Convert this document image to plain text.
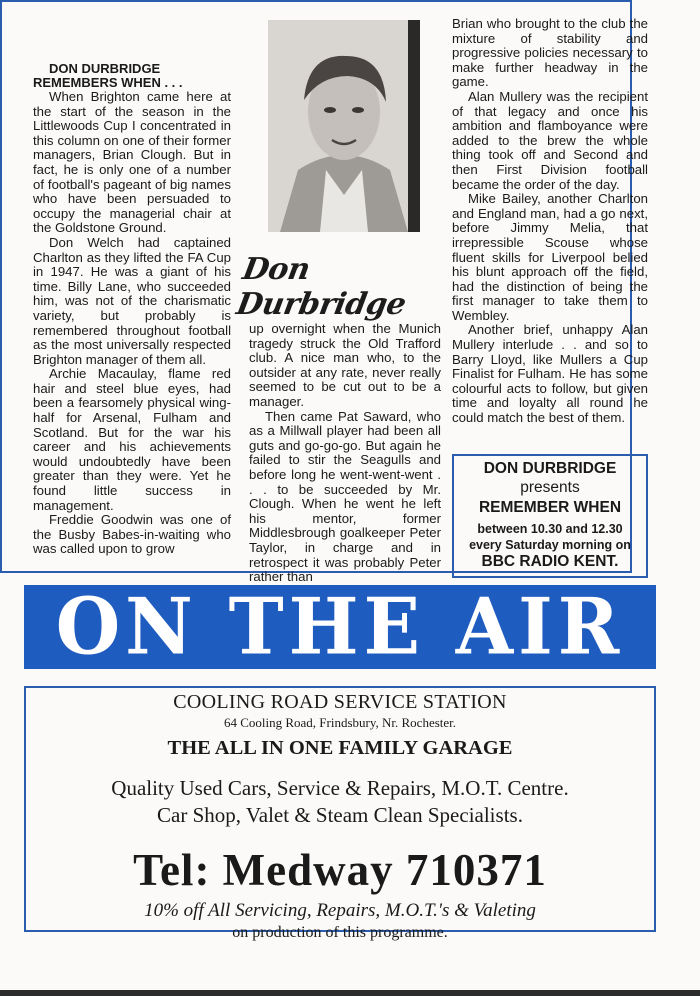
DON DURBRIDGE REMEMBERS WHEN . . .

When Brighton came here at the start of the season in the Littlewoods Cup I concentrated in this column on one of their former managers, Brian Clough. But in fact, he is only one of a number of football's pageant of big names who have been persuaded to occupy the managerial chair at the Goldstone Ground.

Don Welch had captained Charlton as they lifted the FA Cup in 1947. He was a giant of his time. Billy Lane, who succeeded him, was not of the charismatic variety, but probably is remembered throughout football as the most universally respected Brighton manager of them all.

Archie Macaulay, flame red hair and steel blue eyes, had been a fearsomely physical wing-half for Arsenal, Fulham and Scotland. But for the war his career and his achievements would undoubtedly have been greater than they were. Yet he found little success in management.

Freddie Goodwin was one of the Busby Babes-in-waiting who was called upon to grow

Don Durbridge

up overnight when the Munich tragedy struck the Old Trafford club. A nice man who, to the outsider at any rate, never really seemed to be cut out to be a manager.

Then came Pat Saward, who as a Millwall player had been all guts and go-go-go. But again he failed to stir the Seagulls and before long he went-went-went . . . to be succeeded by Mr. Clough. When he went he left his mentor, former Middlesbrough goalkeeper Peter Taylor, in charge and in retrospect it was probably Peter rather than

Brian who brought to the club the mixture of stability and progressive policies necessary to make further headway in the game.

Alan Mullery was the recipient of that legacy and once his ambition and flamboyance were added to the brew the whole thing took off and Second and then First Division football became the order of the day.

Mike Bailey, another Charlton and England man, had a go next, before Jimmy Melia, that irrepressible Scouse whose fluent skills for Liverpool belied his blunt approach off the field, had the distinction of being the first manager to take them to Wembley.

Another brief, unhappy Alan Mullery interlude . . and so to Barry Lloyd, like Mullers a Cup Finalist for Fulham. He has some colourful acts to follow, but given time and loyalty all round he could match the best of them.

DON DURBRIDGE
presents
REMEMBER WHEN
between 10.30 and 12.30
every Saturday morning on
BBC RADIO KENT.
ON THE AIR
COOLING ROAD SERVICE STATION
64 Cooling Road, Frindsbury, Nr. Rochester.
THE ALL IN ONE FAMILY GARAGE
Quality Used Cars, Service & Repairs, M.O.T. Centre.
Car Shop, Valet & Steam Clean Specialists.
Tel: Medway 710371
10% off All Servicing, Repairs, M.O.T.'s & Valeting
on production of this programme.
